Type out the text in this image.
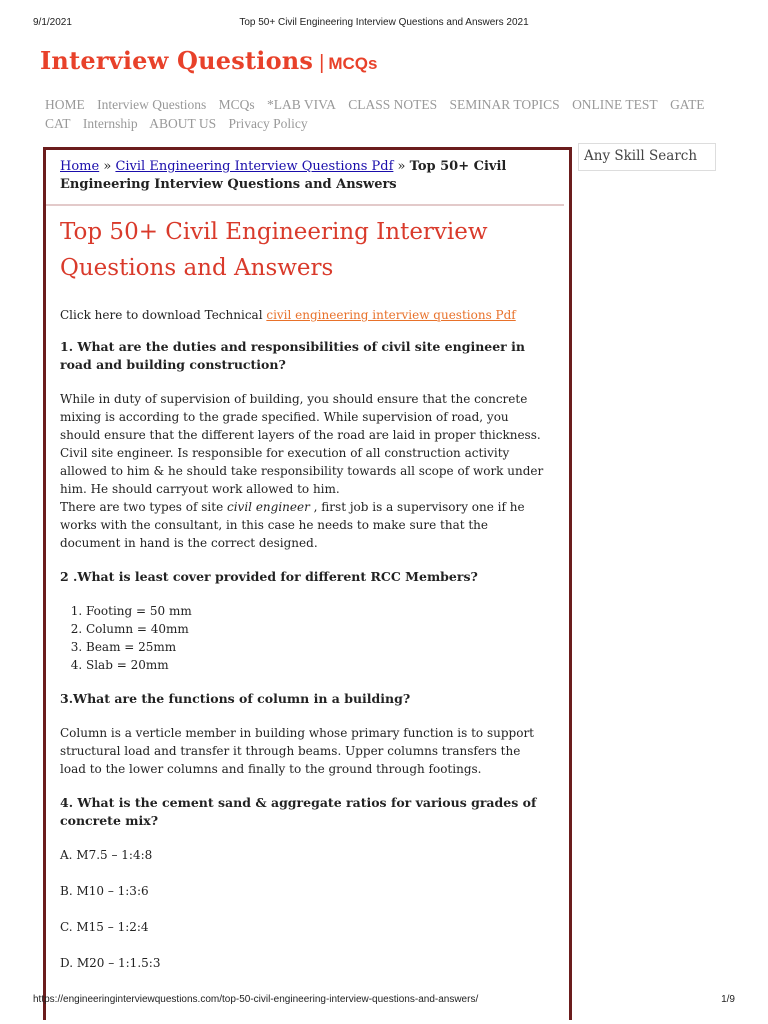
9/1/2021	Top 50+ Civil Engineering Interview Questions and Answers 2021
Interview Questions | MCQs
HOME Interview Questions MCQs *LAB VIVA CLASS NOTES SEMINAR TOPICS ONLINE TEST GATE CAT Internship ABOUT US Privacy Policy
Home » Civil Engineering Interview Questions Pdf » Top 50+ Civil Engineering Interview Questions and Answers
Top 50+ Civil Engineering Interview Questions and Answers

Click here to download Technical civil engineering interview questions Pdf

1. What are the duties and responsibilities of civil site engineer in road and building construction?

While in duty of supervision of building, you should ensure that the concrete mixing is according to the grade specified. While supervision of road, you should ensure that the different layers of the road are laid in proper thickness.
Civil site engineer. Is responsible for execution of all construction activity allowed to him & he should take responsibility towards all scope of work under him. He should carryout work allowed to him.
There are two types of site civil engineer , first job is a supervisory one if he works with the consultant, in this case he needs to make sure that the document in hand is the correct designed.

2 .What is least cover provided for different RCC Members?

1. Footing = 50 mm
2. Column = 40mm
3. Beam = 25mm
4. Slab = 20mm

3.What are the functions of column in a building?

Column is a verticle member in building whose primary function is to support structural load and transfer it through beams. Upper columns transfers the load to the lower columns and finally to the ground through footings.

4. What is the cement sand & aggregate ratios for various grades of concrete mix?

A. M7.5 – 1:4:8

B. M10 – 1:3:6

C. M15 – 1:2:4

D. M20 – 1:1.5:3

Any Skill Search
https://engineeringinterviewquestions.com/top-50-civil-engineering-interview-questions-and-answers/	1/9
